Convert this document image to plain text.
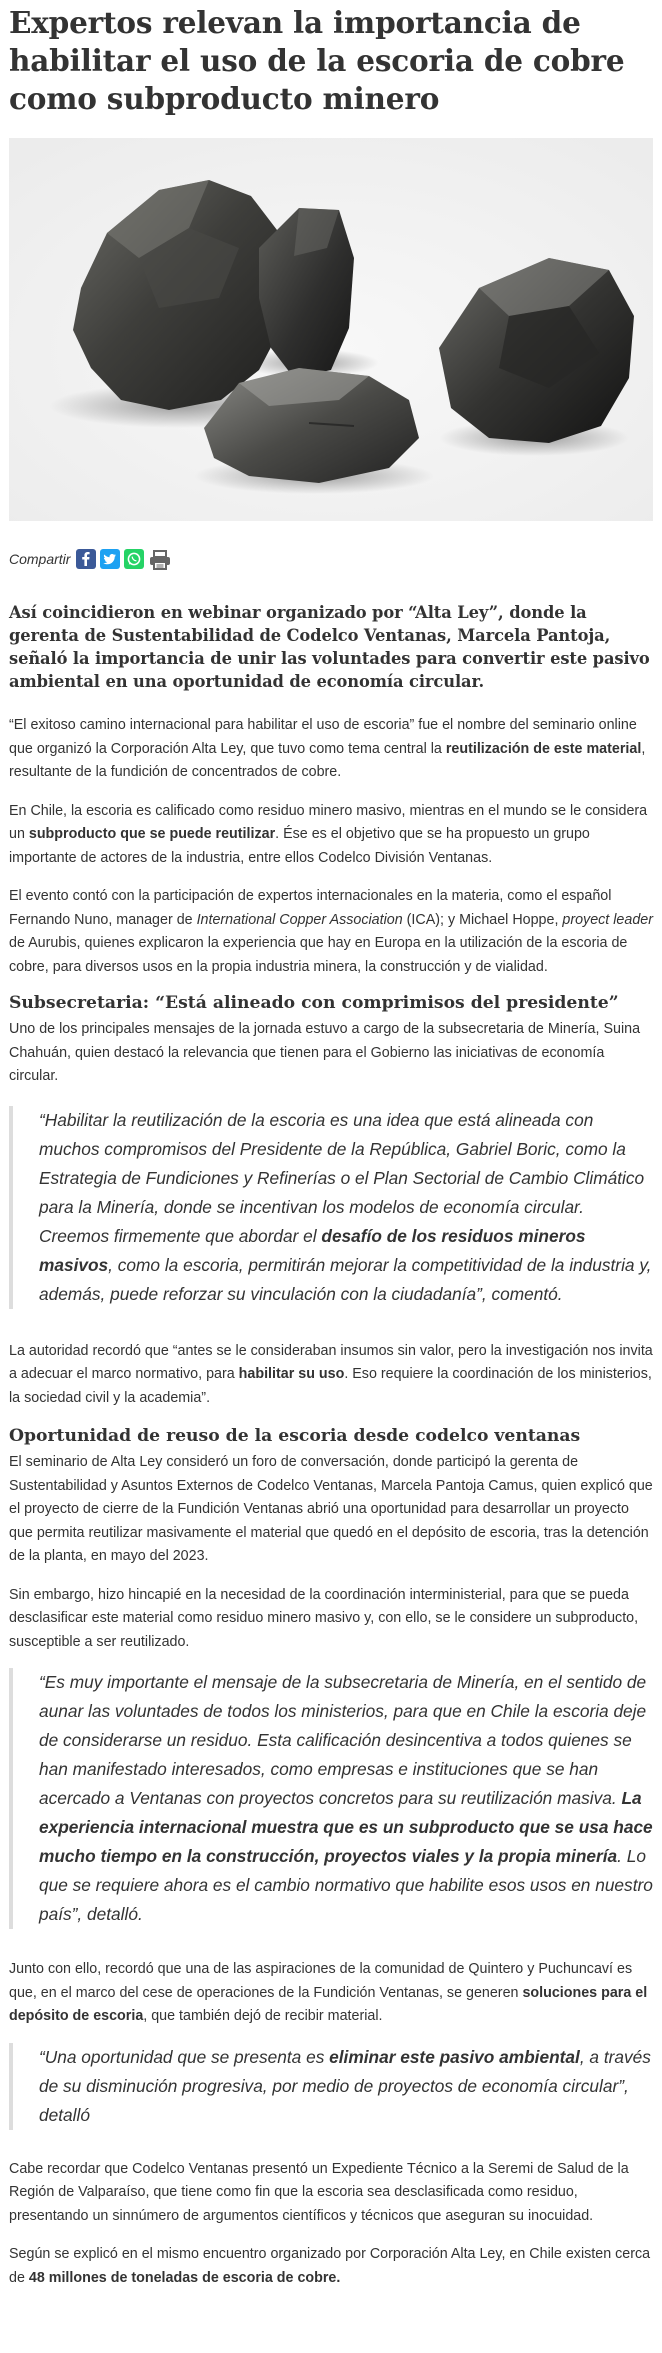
Expertos relevan la importancia de habilitar el uso de la escoria de cobre como subproducto minero
Compartir

Así coincidieron en webinar organizado por “Alta Ley”, donde la gerenta de Sustentabilidad de Codelco Ventanas, Marcela Pantoja, señaló la importancia de unir las voluntades para convertir este pasivo ambiental en una oportunidad de economía circular.

“El exitoso camino internacional para habilitar el uso de escoria” fue el nombre del seminario online que organizó la Corporación Alta Ley, que tuvo como tema central la reutilización de este material, resultante de la fundición de concentrados de cobre.

En Chile, la escoria es calificado como residuo minero masivo, mientras en el mundo se le considera un subproducto que se puede reutilizar. Ése es el objetivo que se ha propuesto un grupo importante de actores de la industria, entre ellos Codelco División Ventanas.

El evento contó con la participación de expertos internacionales en la materia, como el español Fernando Nuno, manager de International Copper Association (ICA); y Michael Hoppe, proyect leader de Aurubis, quienes explicaron la experiencia que hay en Europa en la utilización de la escoria de cobre, para diversos usos en la propia industria minera, la construcción y de vialidad.

Subsecretaria: “Está alineado con comprimisos del presidente”

Uno de los principales mensajes de la jornada estuvo a cargo de la subsecretaria de Minería, Suina Chahuán, quien destacó la relevancia que tienen para el Gobierno las iniciativas de economía circular.

“Habilitar la reutilización de la escoria es una idea que está alineada con muchos compromisos del Presidente de la República, Gabriel Boric, como la Estrategia de Fundiciones y Refinerías o el Plan Sectorial de Cambio Climático para la Minería, donde se incentivan los modelos de economía circular. Creemos firmemente que abordar el desafío de los residuos mineros masivos, como la escoria, permitirán mejorar la competitividad de la industria y, además, puede reforzar su vinculación con la ciudadanía”, comentó.

La autoridad recordó que “antes se le consideraban insumos sin valor, pero la investigación nos invita a adecuar el marco normativo, para habilitar su uso. Eso requiere la coordinación de los ministerios, la sociedad civil y la academia”.

Oportunidad de reuso de la escoria desde codelco ventanas

El seminario de Alta Ley consideró un foro de conversación, donde participó la gerenta de Sustentabilidad y Asuntos Externos de Codelco Ventanas, Marcela Pantoja Camus, quien explicó que el proyecto de cierre de la Fundición Ventanas abrió una oportunidad para desarrollar un proyecto que permita reutilizar masivamente el material que quedó en el depósito de escoria, tras la detención de la planta, en mayo del 2023.

Sin embargo, hizo hincapié en la necesidad de la coordinación interministerial, para que se pueda desclasificar este material como residuo minero masivo y, con ello, se le considere un subproducto, susceptible a ser reutilizado.

“Es muy importante el mensaje de la subsecretaria de Minería, en el sentido de aunar las voluntades de todos los ministerios, para que en Chile la escoria deje de considerarse un residuo. Esta calificación desincentiva a todos quienes se han manifestado interesados, como empresas e instituciones que se han acercado a Ventanas con proyectos concretos para su reutilización masiva. La experiencia internacional muestra que es un subproducto que se usa hace mucho tiempo en la construcción, proyectos viales y la propia minería. Lo que se requiere ahora es el cambio normativo que habilite esos usos en nuestro país”, detalló.

Junto con ello, recordó que una de las aspiraciones de la comunidad de Quintero y Puchuncaví es que, en el marco del cese de operaciones de la Fundición Ventanas, se generen soluciones para el depósito de escoria, que también dejó de recibir material.

“Una oportunidad que se presenta es eliminar este pasivo ambiental, a través de su disminución progresiva, por medio de proyectos de economía circular”, detalló

Cabe recordar que Codelco Ventanas presentó un Expediente Técnico a la Seremi de Salud de la Región de Valparaíso, que tiene como fin que la escoria sea desclasificada como residuo, presentando un sinnúmero de argumentos científicos y técnicos que aseguran su inocuidad.

Según se explicó en el mismo encuentro organizado por Corporación Alta Ley, en Chile existen cerca de 48 millones de toneladas de escoria de cobre.
